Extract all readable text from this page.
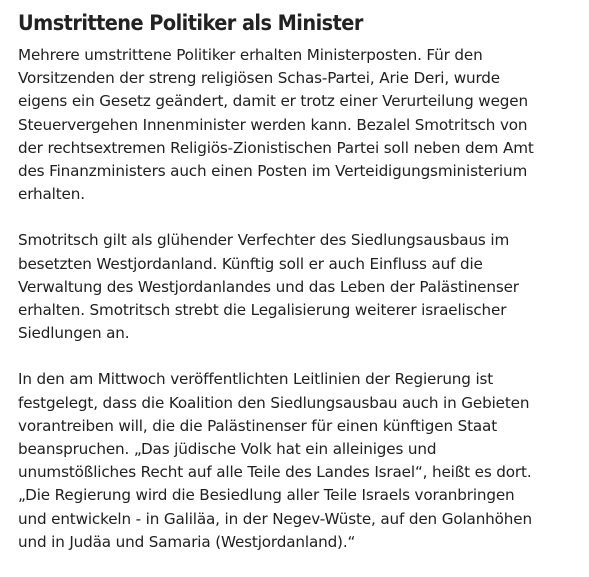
Umstrittene Politiker als Minister

Mehrere umstrittene Politiker erhalten Ministerposten. Für den
Vorsitzenden der streng religiösen Schas-Partei, Arie Deri, wurde
eigens ein Gesetz geändert, damit er trotz einer Verurteilung wegen
Steuervergehen Innenminister werden kann. Bezalel Smotritsch von
der rechtsextremen Religiös-Zionistischen Partei soll neben dem Amt
des Finanzministers auch einen Posten im Verteidigungsministerium
erhalten.

Smotritsch gilt als glühender Verfechter des Siedlungsausbaus im
besetzten Westjordanland. Künftig soll er auch Einfluss auf die
Verwaltung des Westjordanlandes und das Leben der Palästinenser
erhalten. Smotritsch strebt die Legalisierung weiterer israelischer
Siedlungen an.

In den am Mittwoch veröffentlichten Leitlinien der Regierung ist
festgelegt, dass die Koalition den Siedlungsausbau auch in Gebieten
vorantreiben will, die die Palästinenser für einen künftigen Staat
beanspruchen. „Das jüdische Volk hat ein alleiniges und
unumstößliches Recht auf alle Teile des Landes Israel“, heißt es dort.
„Die Regierung wird die Besiedlung aller Teile Israels voranbringen
und entwickeln - in Galiläa, in der Negev-Wüste, auf den Golanhöhen
und in Judäa und Samaria (Westjordanland).“
